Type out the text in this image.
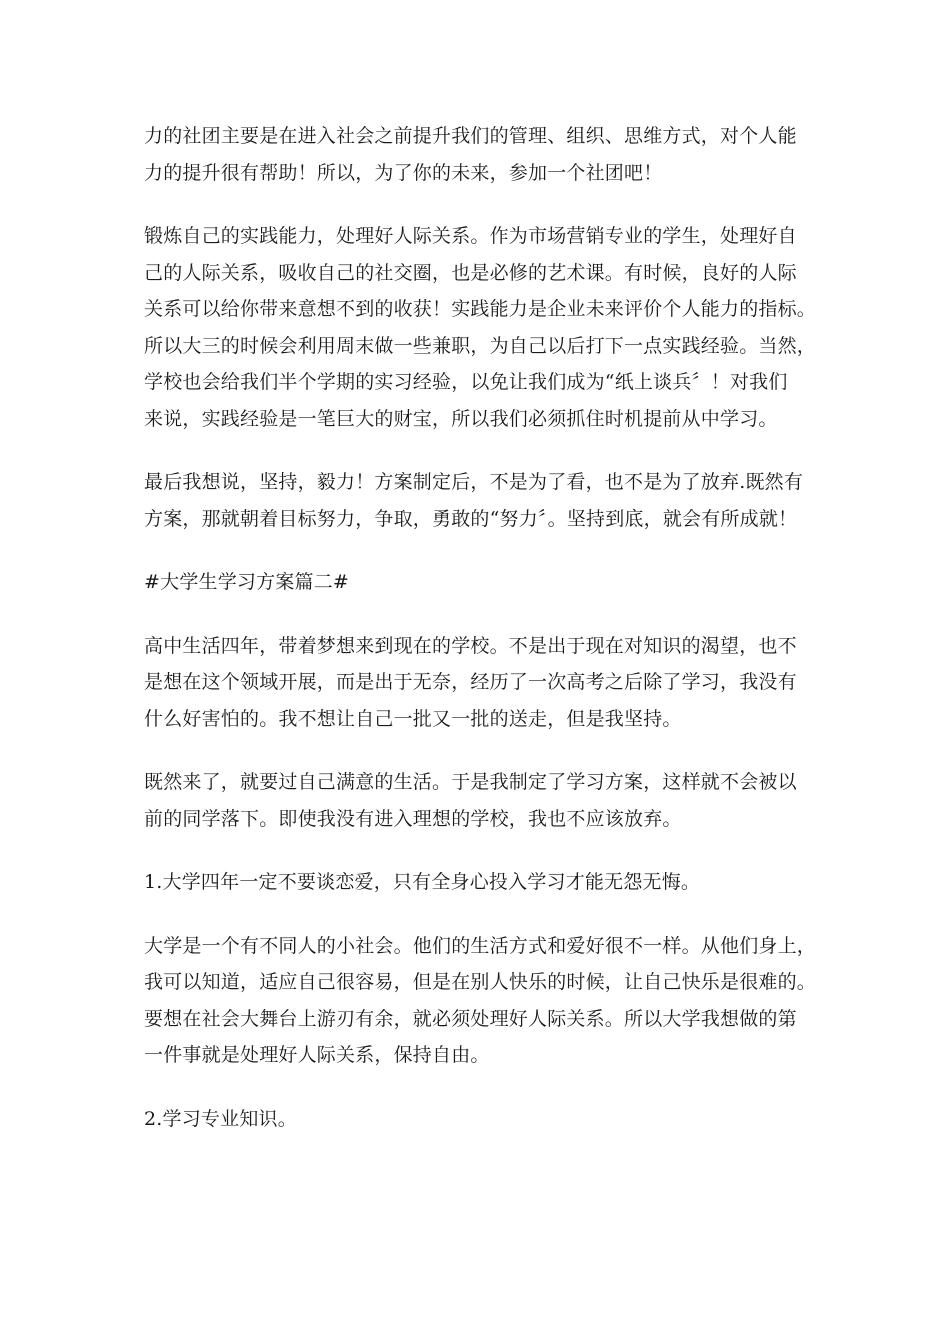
力的社团主要是在进入社会之前提升我们的管理、组织、思维方式，对个人能
力的提升很有帮助！所以，为了你的未来，参加一个社团吧！
锻炼自己的实践能力，处理好人际关系。作为市场营销专业的学生，处理好自
己的人际关系，吸收自己的社交圈，也是必修的艺术课。有时候，良好的人际
关系可以给你带来意想不到的收获！实践能力是企业未来评价个人能力的指标。
所以大三的时候会利用周末做一些兼职，为自己以后打下一点实践经验。当然，
学校也会给我们半个学期的实习经验，以免让我们成为“纸上谈兵〞！对我们
来说，实践经验是一笔巨大的财宝，所以我们必须抓住时机提前从中学习。
最后我想说，坚持，毅力！方案制定后，不是为了看，也不是为了放弃.既然有
方案，那就朝着目标努力，争取，勇敢的“努力〞。坚持到底，就会有所成就！
#大学生学习方案篇二#
高中生活四年，带着梦想来到现在的学校。不是出于现在对知识的渴望，也不
是想在这个领域开展，而是出于无奈，经历了一次高考之后除了学习，我没有
什么好害怕的。我不想让自己一批又一批的送走，但是我坚持。
既然来了，就要过自己满意的生活。于是我制定了学习方案，这样就不会被以
前的同学落下。即使我没有进入理想的学校，我也不应该放弃。
1.大学四年一定不要谈恋爱，只有全身心投入学习才能无怨无悔。
大学是一个有不同人的小社会。他们的生活方式和爱好很不一样。从他们身上，
我可以知道，适应自己很容易，但是在别人快乐的时候，让自己快乐是很难的。
要想在社会大舞台上游刃有余，就必须处理好人际关系。所以大学我想做的第
一件事就是处理好人际关系，保持自由。
2.学习专业知识。
